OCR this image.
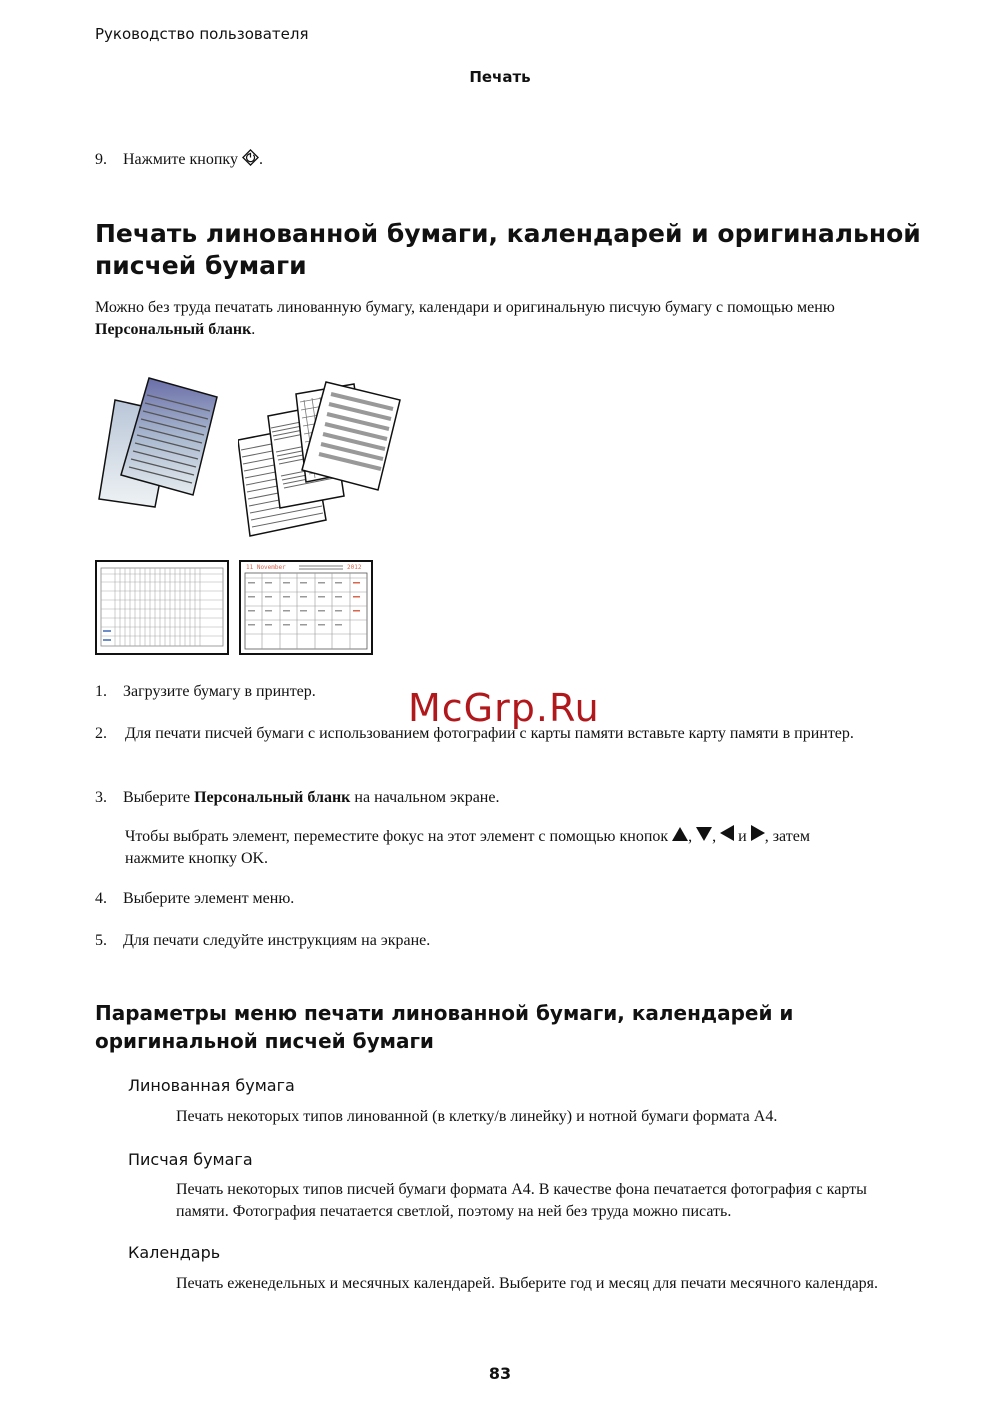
Руководство пользователя
Печать
9. Нажмите кнопку .
Печать линованной бумаги, календарей и оригинальной писчей бумаги
Можно без труда печатать линованную бумагу, календари и оригинальную писчую бумагу с помощью меню Персональный бланк.
11 November	2012
1. Загрузите бумагу в принтер.
2.	Для печати писчей бумаги с использованием фотографии с карты памяти вставьте карту памяти в принтер.
3. Выберите Персональный бланк на начальном экране.
Чтобы выбрать элемент, переместите фокус на этот элемент с помощью кнопок , ,  и , затем
нажмите кнопку OK.
4. Выберите элемент меню.
5. Для печати следуйте инструкциям на экране.
McGrp.Ru
Параметры меню печати линованной бумаги, календарей и оригинальной писчей бумаги
Линованная бумага
Печать некоторых типов линованной (в клетку/в линейку) и нотной бумаги формата A4.
Писчая бумага
Печать некоторых типов писчей бумаги формата A4. В качестве фона печатается фотография с карты памяти. Фотография печатается светлой, поэтому на ней без труда можно писать.
Календарь
Печать еженедельных и месячных календарей. Выберите год и месяц для печати месячного календаря.
83
